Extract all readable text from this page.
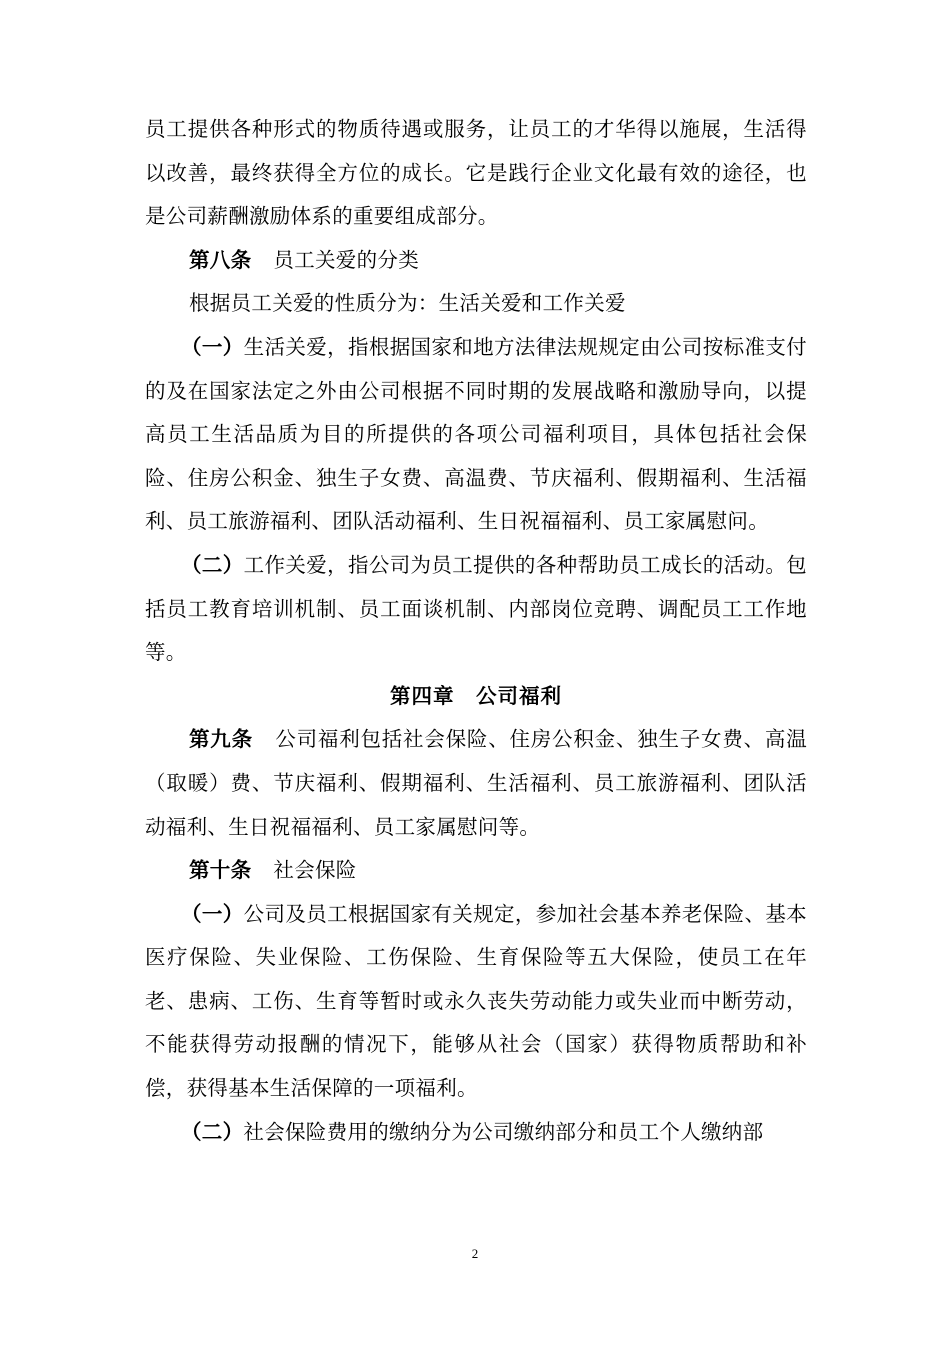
员工提供各种形式的物质待遇或服务，让员工的才华得以施展，生活得以改善，最终获得全方位的成长。它是践行企业文化最有效的途径，也是公司薪酬激励体系的重要组成部分。

第八条 员工关爱的分类

根据员工关爱的性质分为：生活关爱和工作关爱

（一）生活关爱，指根据国家和地方法律法规规定由公司按标准支付的及在国家法定之外由公司根据不同时期的发展战略和激励导向，以提高员工生活品质为目的所提供的各项公司福利项目，具体包括社会保险、住房公积金、独生子女费、高温费、节庆福利、假期福利、生活福利、员工旅游福利、团队活动福利、生日祝福福利、员工家属慰问。

（二）工作关爱，指公司为员工提供的各种帮助员工成长的活动。包括员工教育培训机制、员工面谈机制、内部岗位竞聘、调配员工工作地等。

第四章　公司福利

第九条 公司福利包括社会保险、住房公积金、独生子女费、高温（取暖）费、节庆福利、假期福利、生活福利、员工旅游福利、团队活动福利、生日祝福福利、员工家属慰问等。

第十条 社会保险

（一）公司及员工根据国家有关规定，参加社会基本养老保险、基本医疗保险、失业保险、工伤保险、生育保险等五大保险，使员工在年老、患病、工伤、生育等暂时或永久丧失劳动能力或失业而中断劳动，不能获得劳动报酬的情况下，能够从社会（国家）获得物质帮助和补偿，获得基本生活保障的一项福利。

（二）社会保险费用的缴纳分为公司缴纳部分和员工个人缴纳部

2
